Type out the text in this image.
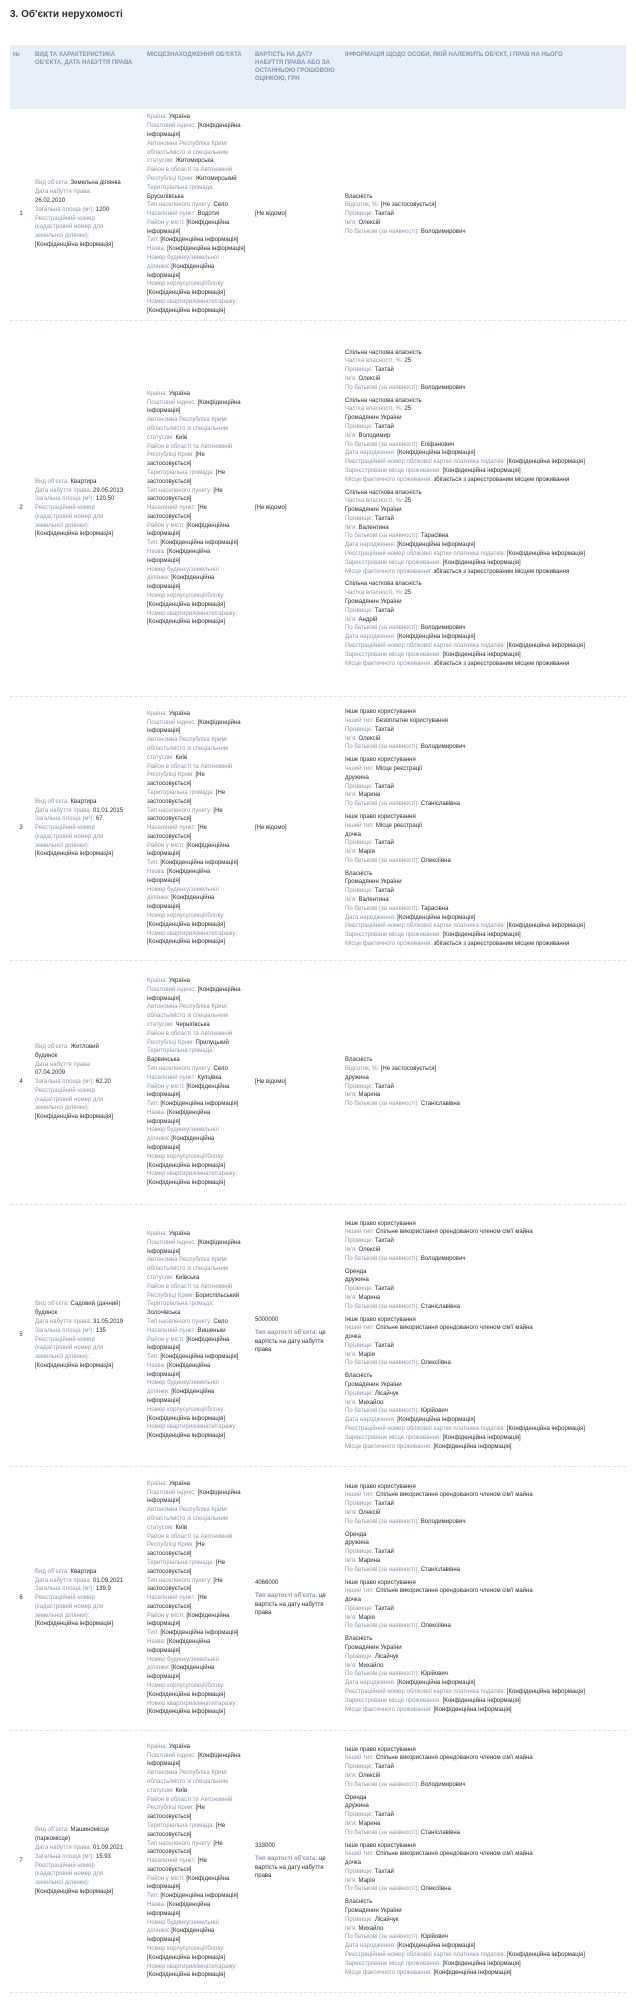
3. Об'єкти нерухомості
№	ВИД ТА ХАРАКТЕРИСТИКА ОБ'ЄКТА, ДАТА НАБУТТЯ ПРАВА
МІСЦЕЗНАХОДЖЕННЯ ОБ'ЄКТА	ВАРТІСТЬ НА ДАТУ НАБУТТЯ ПРАВА АБО ЗА ОСТАННЬОЮ ГРОШОВОЮ ОЦІНКОЮ, ГРН
ІНФОРМАЦІЯ ЩОДО ОСОБИ, ЯКІЙ НАЛЕЖИТЬ ОБ'ЄКТ, І ПРАВ НА НЬОГО
1
Вид об'єкта: Земельна ділянка
Дата набуття права:
26.02.2010
Загальна площа (м²): 1200
Реєстраційний номер
(кадастровий номер для
земельної ділянки):
[Конфіденційна інформація]
Країна: Україна
Поштовий індекс: [Конфіденційна
інформація]
Автономна Республіка Крим/
область/місто зі спеціальним
статусом: Житомирська
Район в області та Автономній
Республіці Крим: Житомирський
Територіальна громада:
Брусилівська
Тип населеного пункту: Село
Населений пункт: Водотиї
Район у місті: [Конфіденційна
інформація]
Тип: [Конфіденційна інформація]
Назва: [Конфіденційна інформація]
Номер будинку/земельної
ділянки: [Конфіденційна
інформація]
Номер корпусу/секції/блоку:
[Конфіденційна інформація]
Номер квартири/кімнати/гаражу:
[Конфіденційна інформація]
[Не відомо]
Власність
Відсоток, %: [Не застосовується]
Прізвище: Тахтай
Ім'я: Олексій
По батькові (за наявності): Володимирович
2
Вид об'єкта: Квартира
Дата набуття права: 29.05.2013
Загальна площа (м²): 120.50
Реєстраційний номер
(кадастровий номер для
земельної ділянки):
[Конфіденційна інформація]
Країна: Україна
Поштовий індекс: [Конфіденційна
інформація]
Автономна Республіка Крим/
область/місто зі спеціальним
статусом: Київ
Район в області та Автономній
Республіці Крим: [Не
застосовується]
Територіальна громада: [Не
застосовується]
Тип населеного пункту: [Не
застосовується]
Населений пункт: [Не
застосовується]
Район у місті: [Конфіденційна
інформація]
Тип: [Конфіденційна інформація]
Назва: [Конфіденційна
інформація]
Номер будинку/земельної
ділянки: [Конфіденційна
інформація]
Номер корпусу/секції/блоку:
[Конфіденційна інформація]
Номер квартири/кімнати/гаражу:
[Конфіденційна інформація]
[Не відомо]
Спільна часткова власність
Частка власності, %: 25
Прізвище: Тахтай
Ім'я: Олексій
По батькові (за наявності): Володимирович
Спільна часткова власність
Частка власності, %: 25
Громадянин України
Прізвище: Тахтай
Ім'я: Володимир
По батькові (за наявності): Епіфанович
Дата народження: [Конфіденційна інформація]
Реєстраційний номер облікової картки платника податків: [Конфіденційна інформація]
Зареєстроване місце проживання: [Конфіденційна інформація]
Місце фактичного проживання: збігається з зареєстрованим місцем проживання
Спільна часткова власність
Частка власності, %: 25
Громадянин України
Прізвище: Тахтай
Ім'я: Валентина
По батькові (за наявності): Тарасівна
Дата народження: [Конфіденційна інформація]
Реєстраційний номер облікової картки платника податків: [Конфіденційна інформація]
Зареєстроване місце проживання: [Конфіденційна інформація]
Місце фактичного проживання: збігається з зареєстрованим місцем проживання
Спільна часткова власність
Частка власності, %: 25
Громадянин України
Прізвище: Тахтай
Ім'я: Андрій
По батькові (за наявності): Володимирович
Дата народження: [Конфіденційна інформація]
Реєстраційний номер облікової картки платника податків: [Конфіденційна інформація]
Зареєстроване місце проживання: [Конфіденційна інформація]
Місце фактичного проживання: збігається з зареєстрованим місцем проживання
3
Вид об'єкта: Квартира
Дата набуття права: 01.01.2015
Загальна площа (м²): 67
Реєстраційний номер
(кадастровий номер для
земельної ділянки):
[Конфіденційна інформація]
Країна: Україна
Поштовий індекс: [Конфіденційна
інформація]
Автономна Республіка Крим/
область/місто зі спеціальним
статусом: Київ
Район в області та Автономній
Республіці Крим: [Не
застосовується]
Територіальна громада: [Не
застосовується]
Тип населеного пункту: [Не
застосовується]
Населений пункт: [Не
застосовується]
Район у місті: [Конфіденційна
інформація]
Тип: [Конфіденційна інформація]
Назва: [Конфіденційна
інформація]
Номер будинку/земельної
ділянки: [Конфіденційна
інформація]
Номер корпусу/секції/блоку:
[Конфіденційна інформація]
Номер квартири/кімнати/гаражу:
[Конфіденційна інформація]
[Не відомо]
Інше право користування
Інший тип: Безоплатне користування
Прізвище: Тахтай
Ім'я: Олексій
По батькові (за наявності): Володимирович
Інше право користування
Інший тип: Місце реєстрації
дружина
Прізвище: Тахтай
Ім'я: Марина
По батькові (за наявності): Станіславівна
Інше право користування
Інший тип: Місце реєстрації
дочка
Прізвище: Тахтай
Ім'я: Марія
По батькові (за наявності): Олексіївна
Власність
Громадянин України
Прізвище: Тахтай
Ім'я: Валентина
По батькові (за наявності): Тарасівна
Дата народження: [Конфіденційна інформація]
Реєстраційний номер облікової картки платника податків: [Конфіденційна інформація]
Зареєстроване місце проживання: [Конфіденційна інформація]
Місце фактичного проживання: збігається з зареєстрованим місцем проживання
4
Вид об'єкта: Житловий
будинок
Дата набуття права:
07.04.2009
Загальна площа (м²): 62.20
Реєстраційний номер
(кадастровий номер для
земельної ділянки):
[Конфіденційна інформація]
Країна: Україна
Поштовий індекс: [Конфіденційна
інформація]
Автономна Республіка Крим/
область/місто зі спеціальним
статусом: Чернігівська
Район в області та Автономній
Республіці Крим: Прилуцький
Територіальна громада:
Варвинська
Тип населеного пункту: Село
Населений пункт: Купцівка
Район у місті: [Конфіденційна
інформація]
Тип: [Конфіденційна інформація]
Назва: [Конфіденційна
інформація]
Номер будинку/земельної
ділянки: [Конфіденційна
інформація]
Номер корпусу/секції/блоку:
[Конфіденційна інформація]
Номер квартири/кімнати/гаражу:
[Конфіденційна інформація]
[Не відомо]
Власність
Відсоток, %: [Не застосовується]
дружина
Прізвище: Тахтай
Ім'я: Марина
По батькові (за наявності): Станіславівна
5
Вид об'єкта: Садовий (дачний)
будинок
Дата набуття права: 31.05.2019
Загальна площа (м²): 135
Реєстраційний номер
(кадастровий номер для
земельної ділянки):
[Конфіденційна інформація]
Країна: Україна
Поштовий індекс: [Конфіденційна
інформація]
Автономна Республіка Крим/
область/місто зі спеціальним
статусом: Київська
Район в області та Автономній
Республіці Крим: Бориспільський
Територіальна громада:
Золочівська
Тип населеного пункту: Село
Населений пункт: Вишеньки
Район у місті: [Конфіденційна
інформація]
Тип: [Конфіденційна інформація]
Назва: [Конфіденційна
інформація]
Номер будинку/земельної
ділянки: [Конфіденційна
інформація]
Номер корпусу/секції/блоку:
[Конфіденційна інформація]
Номер квартири/кімнати/гаражу:
[Конфіденційна інформація]
5000000
Тип вартості об'єкта: це
вартість на дату набуття
права
Інше право користування
Інший тип: Спільне використання орендованого членом сім'ї майна
Прізвище: Тахтай
Ім'я: Олексій
По батькові (за наявності): Володимирович
Оренда
дружина
Прізвище: Тахтай
Ім'я: Марина
По батькові (за наявності): Станіславівна
Інше право користування
Інший тип: Спільне використання орендованого членом сім'ї майна
дочка
Прізвище: Тахтай
Ім'я: Марія
По батькові (за наявності): Олексіївна
Власність
Громадянин України
Прізвище: Лісайчук
Ім'я: Михайло
По батькові (за наявності): Юрійович
Дата народження: [Конфіденційна інформація]
Реєстраційний номер облікової картки платника податків: [Конфіденційна інформація]
Зареєстроване місце проживання: [Конфіденційна інформація]
Місце фактичного проживання: [Конфіденційна інформація]
6
Вид об'єкта: Квартира
Дата набуття права: 01.09.2021
Загальна площа (м²): 139.9
Реєстраційний номер
(кадастровий номер для
земельної ділянки):
[Конфіденційна інформація]
Країна: Україна
Поштовий індекс: [Конфіденційна
інформація]
Автономна Республіка Крим/
область/місто зі спеціальним
статусом: Київ
Район в області та Автономній
Республіці Крим: [Не
застосовується]
Територіальна громада: [Не
застосовується]
Тип населеного пункту: [Не
застосовується]
Населений пункт: [Не
застосовується]
Район у місті: [Конфіденційна
інформація]
Тип: [Конфіденційна інформація]
Назва: [Конфіденційна
інформація]
Номер будинку/земельної
ділянки: [Конфіденційна
інформація]
Номер корпусу/секції/блоку:
[Конфіденційна інформація]
Номер квартири/кімнати/гаражу:
[Конфіденційна інформація]
4066000
Тип вартості об'єкта: це
вартість на дату набуття
права
Інше право користування
Інший тип: Спільне використання орендованого членом сім'ї майна
Прізвище: Тахтай
Ім'я: Олексій
По батькові (за наявності): Володимирович
Оренда
дружина
Прізвище: Тахтай
Ім'я: Марина
По батькові (за наявності): Станіславівна
Інше право користування
Інший тип: Спільне використання орендованого членом сім'ї майна
дочка
Прізвище: Тахтай
Ім'я: Марія
По батькові (за наявності): Олексіївна
Власність
Громадянин України
Прізвище: Лісайчук
Ім'я: Михайло
По батькові (за наявності): Юрійович
Дата народження: [Конфіденційна інформація]
Реєстраційний номер облікової картки платника податків: [Конфіденційна інформація]
Зареєстроване місце проживання: [Конфіденційна інформація]
Місце фактичного проживання: [Конфіденційна інформація]
7
Вид об'єкта: Машиномісце
(паркомісце)
Дата набуття права: 01.09.2021
Загальна площа (м²): 15.93
Реєстраційний номер
(кадастровий номер для
земельної ділянки):
[Конфіденційна інформація]
Країна: Україна
Поштовий індекс: [Конфіденційна
інформація]
Автономна Республіка Крим/
область/місто зі спеціальним
статусом: Київ
Район в області та Автономній
Республіці Крим: [Не
застосовується]
Територіальна громада: [Не
застосовується]
Тип населеного пункту: [Не
застосовується]
Населений пункт: [Не
застосовується]
Район у місті: [Конфіденційна
інформація]
Тип: [Конфіденційна інформація]
Назва: [Конфіденційна
інформація]
Номер будинку/земельної
ділянки: [Конфіденційна
інформація]
Номер корпусу/секції/блоку:
[Конфіденційна інформація]
Номер квартири/кімнати/гаражу:
[Конфіденційна інформація]
333000
Тип вартості об'єкта: це
вартість на дату набуття
права
Інше право користування
Інший тип: Спільне використання орендованого членом сім'ї майна
Прізвище: Тахтай
Ім'я: Олексій
По батькові (за наявності): Володимирович
Оренда
дружина
Прізвище: Тахтай
Ім'я: Марина
По батькові (за наявності): Станіславівна
Інше право користування
Інший тип: Спільне використання орендованого членом сім'ї майна
дочка
Прізвище: Тахтай
Ім'я: Марія
По батькові (за наявності): Олексіївна
Власність
Громадянин України
Прізвище: Лісайчук
Ім'я: Михайло
По батькові (за наявності): Юрійович
Дата народження: [Конфіденційна інформація]
Реєстраційний номер облікової картки платника податків: [Конфіденційна інформація]
Зареєстроване місце проживання: [Конфіденційна інформація]
Місце фактичного проживання: [Конфіденційна інформація]
